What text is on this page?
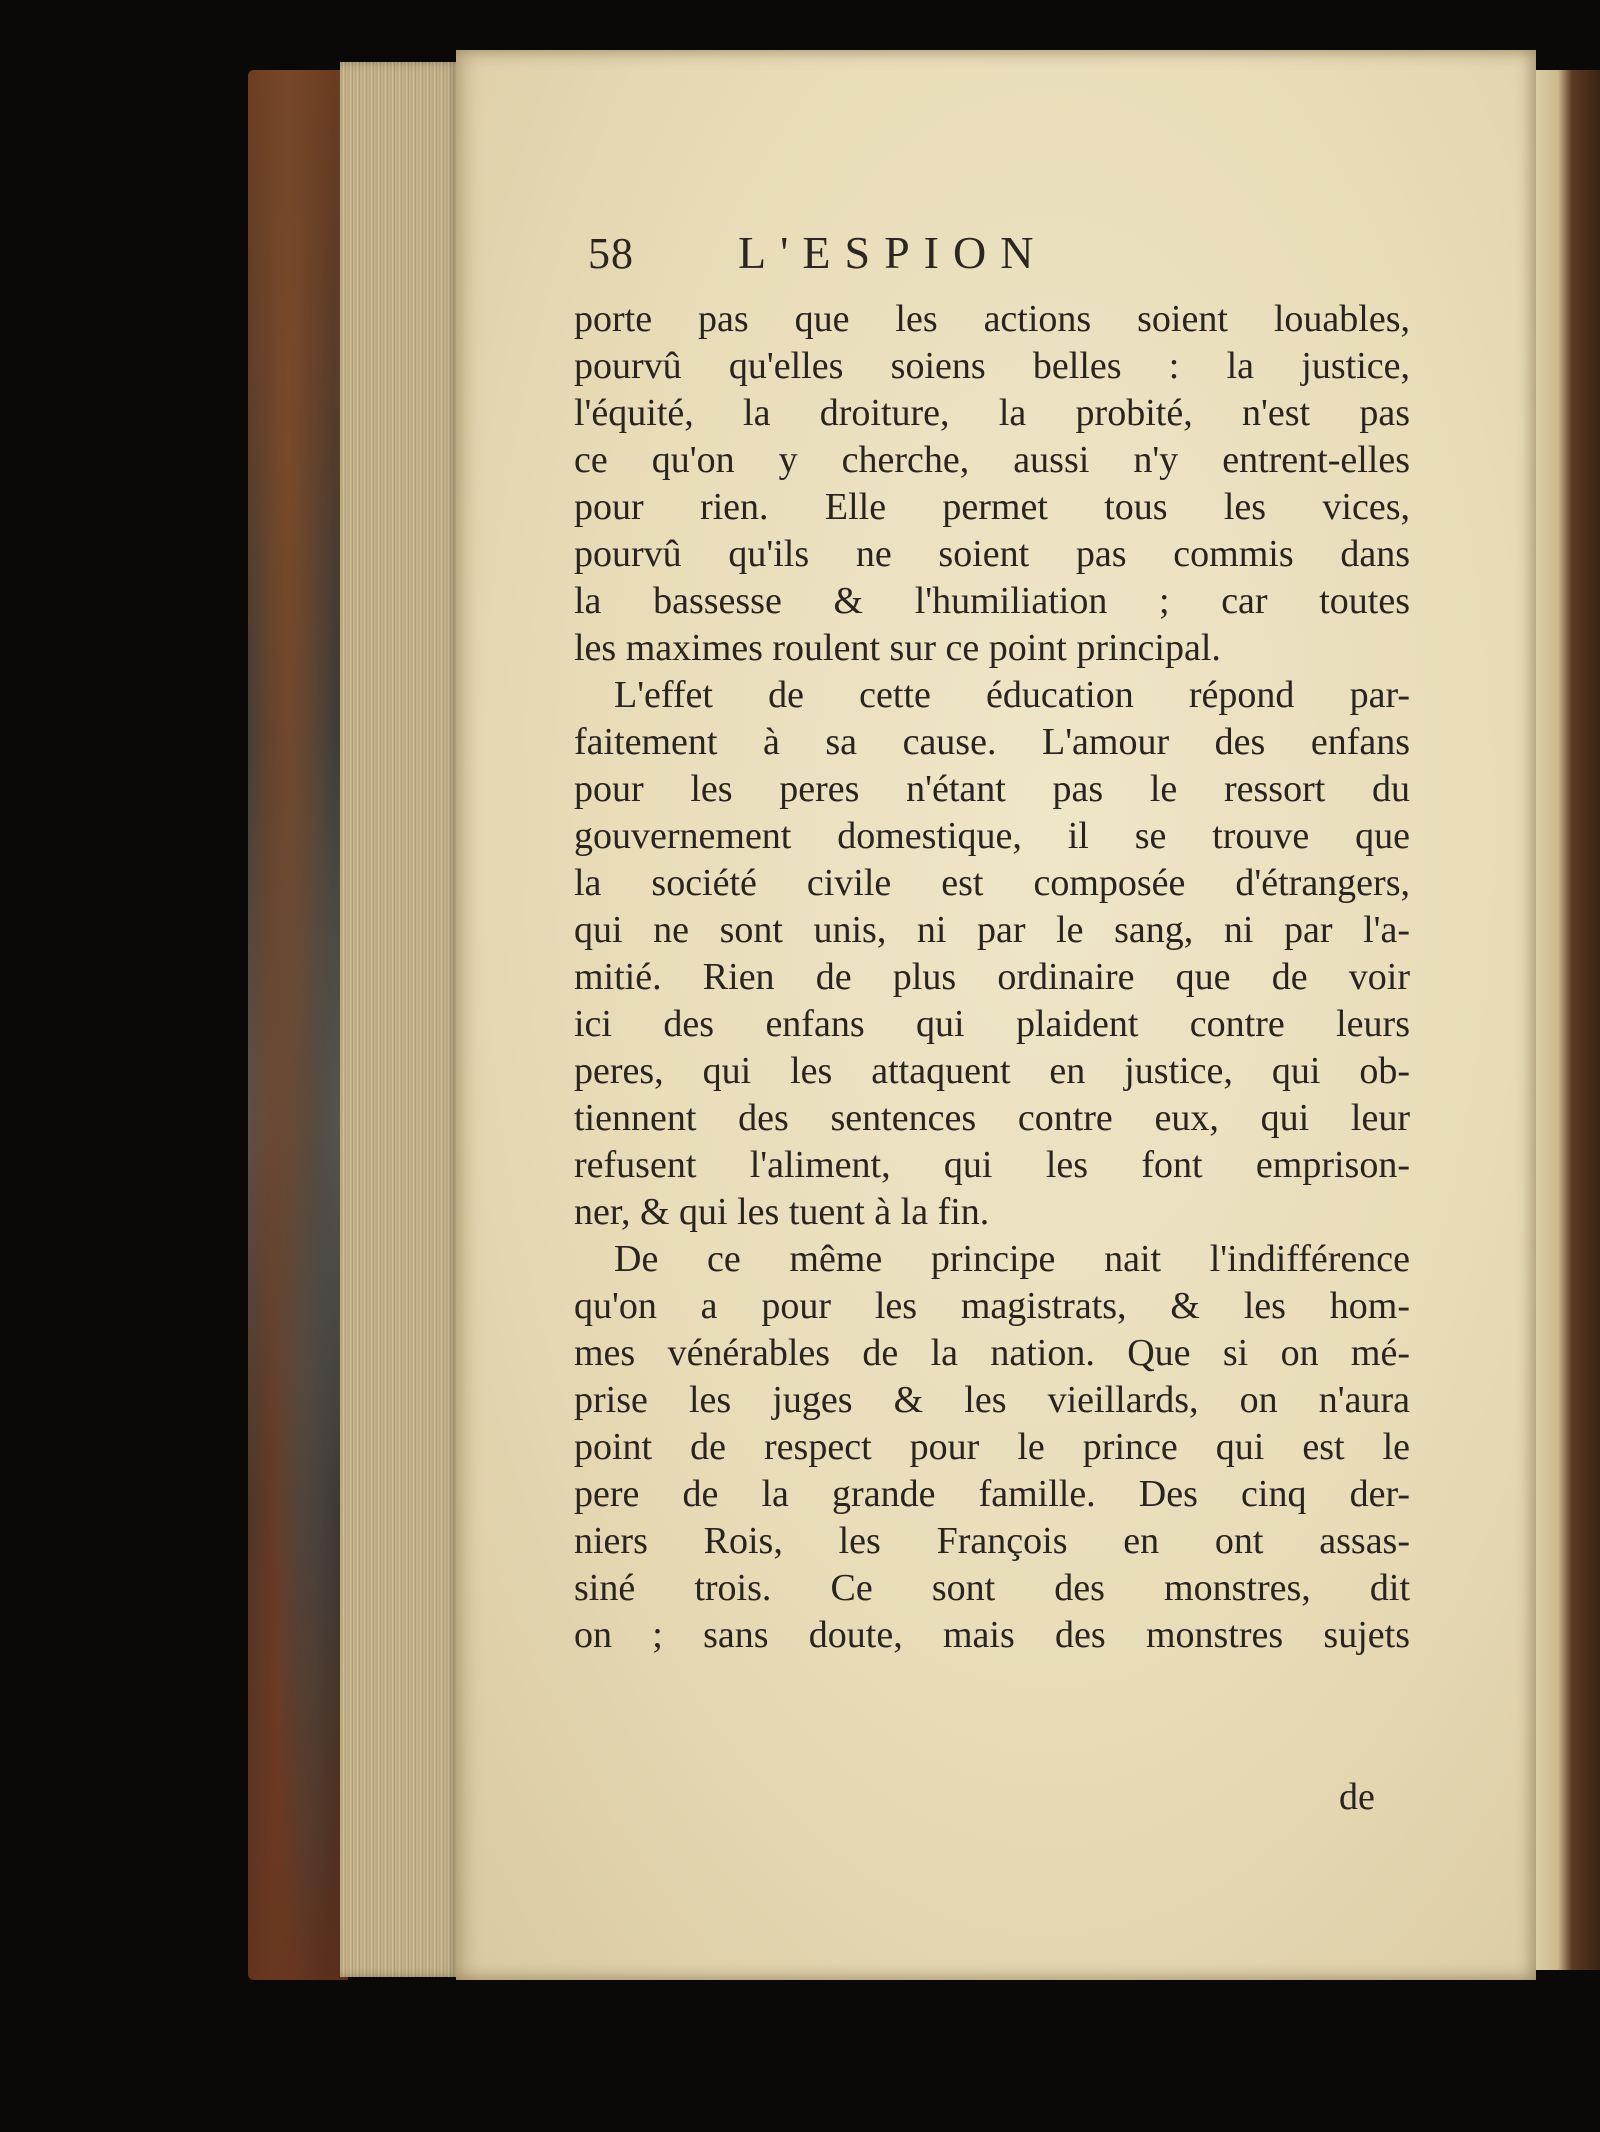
58 L'ESPION
porte pas que les actions soient louables,
pourvû qu'elles soiens belles : la justice,
l'équité, la droiture, la probité, n'est pas
ce qu'on y cherche, aussi n'y entrent-elles
pour rien. Elle permet tous les vices,
pourvû qu'ils ne soient pas commis dans
la bassesse & l'humiliation ; car toutes
les maximes roulent sur ce point principal.
L'effet de cette éducation répond par-
faitement à sa cause. L'amour des enfans
pour les peres n'étant pas le ressort du
gouvernement domestique, il se trouve que
la société civile est composée d'étrangers,
qui ne sont unis, ni par le sang, ni par l'a-
mitié. Rien de plus ordinaire que de voir
ici des enfans qui plaident contre leurs
peres, qui les attaquent en justice, qui ob-
tiennent des sentences contre eux, qui leur
refusent l'aliment, qui les font emprison-
ner, & qui les tuent à la fin.
De ce même principe nait l'indifférence
qu'on a pour les magistrats, & les hom-
mes vénérables de la nation. Que si on mé-
prise les juges & les vieillards, on n'aura
point de respect pour le prince qui est le
pere de la grande famille. Des cinq der-
niers Rois, les François en ont assas-
siné trois. Ce sont des monstres, dit
on ; sans doute, mais des monstres sujets
de
